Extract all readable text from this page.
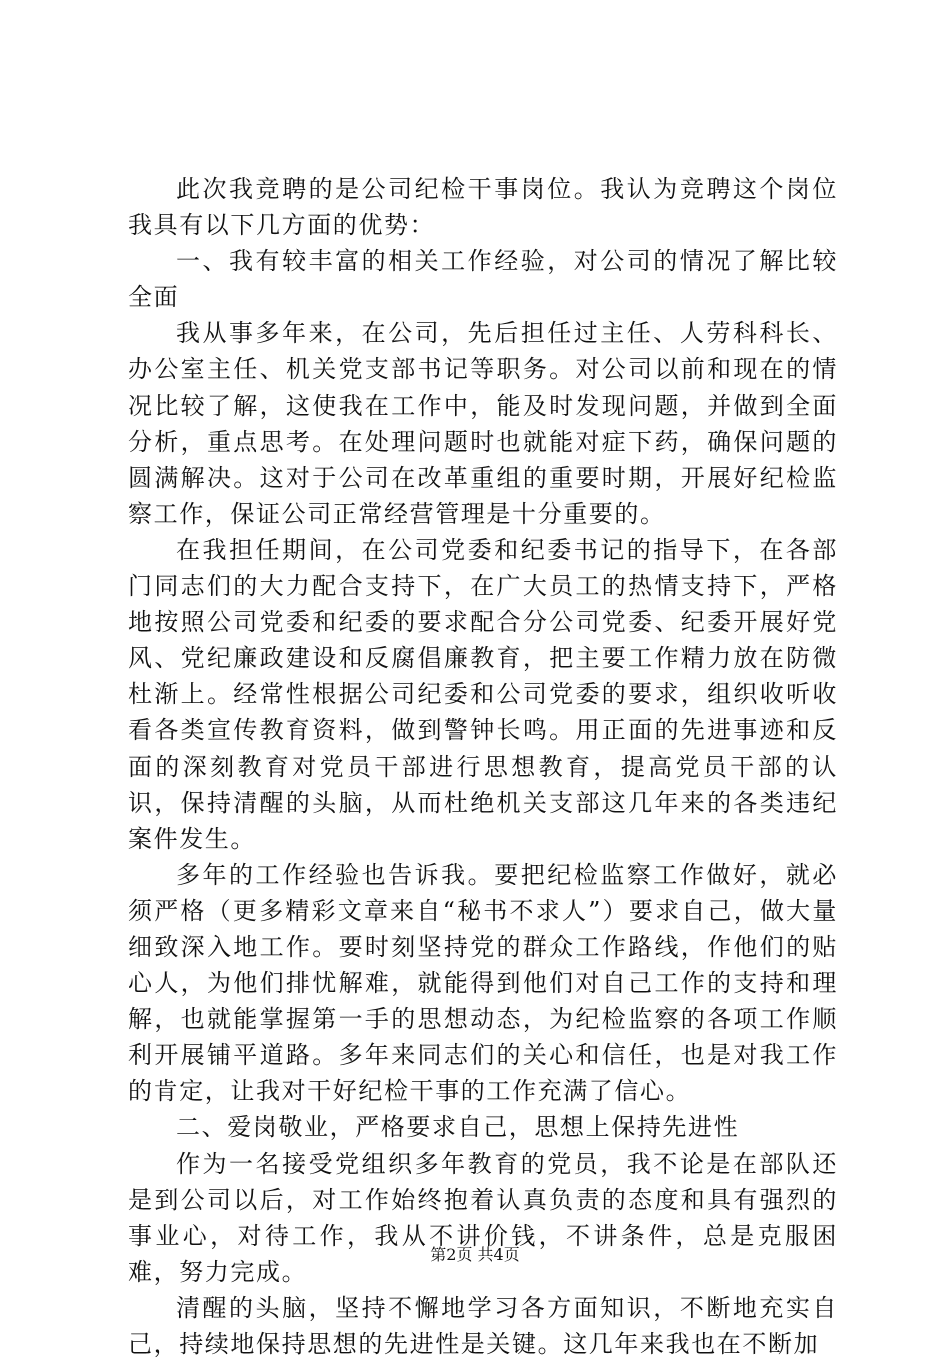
此次我竞聘的是公司纪检干事岗位。我认为竞聘这个岗位我具有以下几方面的优势：

一、我有较丰富的相关工作经验，对公司的情况了解比较全面

我从事多年来，在公司，先后担任过主任、人劳科科长、办公室主任、机关党支部书记等职务。对公司以前和现在的情况比较了解，这使我在工作中，能及时发现问题，并做到全面分析，重点思考。在处理问题时也就能对症下药，确保问题的圆满解决。这对于公司在改革重组的重要时期，开展好纪检监察工作，保证公司正常经营管理是十分重要的。

在我担任期间，在公司党委和纪委书记的指导下，在各部门同志们的大力配合支持下，在广大员工的热情支持下，严格地按照公司党委和纪委的要求配合分公司党委、纪委开展好党风、党纪廉政建设和反腐倡廉教育，把主要工作精力放在防微杜渐上。经常性根据公司纪委和公司党委的要求，组织收听收看各类宣传教育资料，做到警钟长鸣。用正面的先进事迹和反面的深刻教育对党员干部进行思想教育，提高党员干部的认识，保持清醒的头脑，从而杜绝机关支部这几年来的各类违纪案件发生。

多年的工作经验也告诉我。要把纪检监察工作做好，就必须严格（更多精彩文章来自“秘书不求人”）要求自己，做大量细致深入地工作。要时刻坚持党的群众工作路线，作他们的贴心人，为他们排忧解难，就能得到他们对自己工作的支持和理解，也就能掌握第一手的思想动态，为纪检监察的各项工作顺利开展铺平道路。多年来同志们的关心和信任，也是对我工作的肯定，让我对干好纪检干事的工作充满了信心。

二、爱岗敬业，严格要求自己，思想上保持先进性

作为一名接受党组织多年教育的党员，我不论是在部队还是到公司以后，对工作始终抱着认真负责的态度和具有强烈的事业心，对待工作，我从不讲价钱，不讲条件，总是克服困难，努力完成。

清醒的头脑，坚持不懈地学习各方面知识，不断地充实自己，持续地保持思想的先进性是关键。这几年来我也在不断加

第2页 共4页
